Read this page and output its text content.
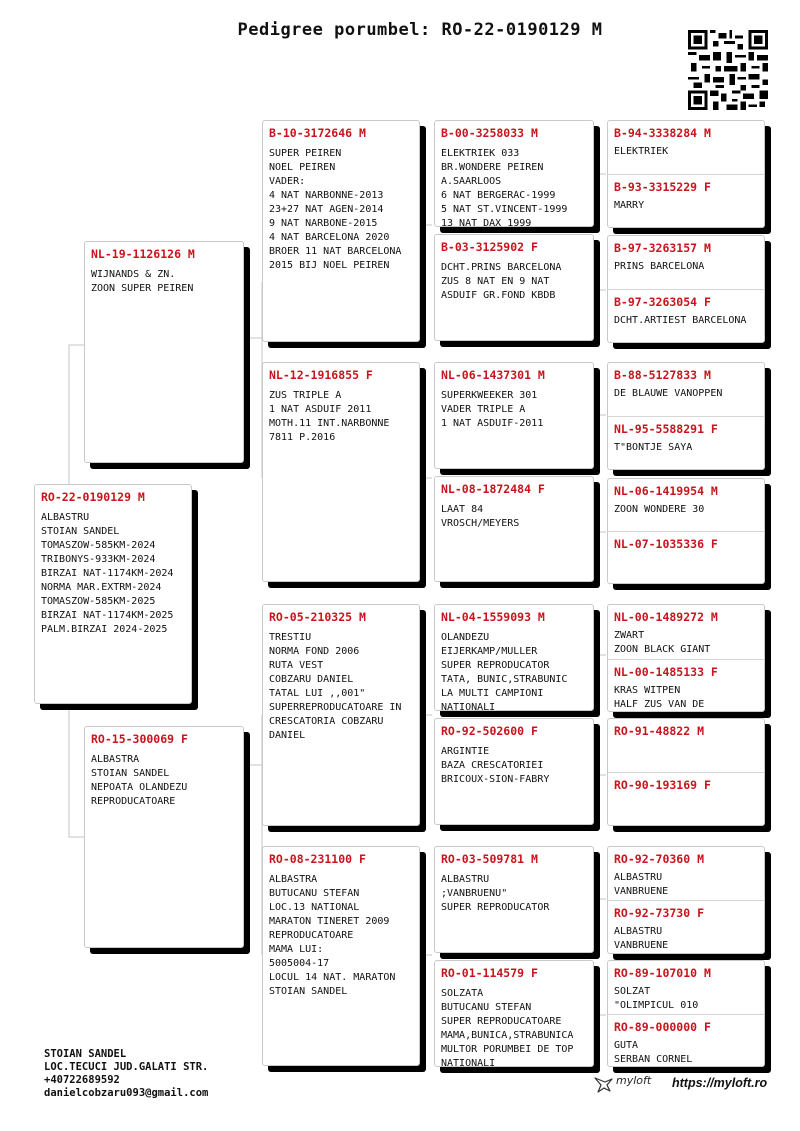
Pedigree porumbel: RO-22-0190129 M
RO-22-0190129 M
ALBASTRU
STOIAN SANDEL
TOMASZOW-585KM-2024
TRIBONYS-933KM-2024
BIRZAI NAT-1174KM-2024
NORMA MAR.EXTRM-2024
TOMASZOW-585KM-2025
BIRZAI NAT-1174KM-2025
PALM.BIRZAI 2024-2025
NL-19-1126126 M
WIJNANDS & ZN.
ZOON SUPER PEIREN
RO-15-300069 F
ALBASTRA
STOIAN SANDEL
NEPOATA OLANDEZU
REPRODUCATOARE
B-10-3172646 M
SUPER PEIREN
NOEL PEIREN
VADER:
4 NAT NARBONNE-2013
23+27 NAT AGEN-2014
9 NAT NARBONE-2015
4 NAT BARCELONA 2020
BROER 11 NAT BARCELONA
2015 BIJ NOEL PEIREN
NL-12-1916855 F
ZUS TRIPLE A
1 NAT ASDUIF 2011
MOTH.11 INT.NARBONNE
7811 P.2016
RO-05-210325 M
TRESTIU
NORMA FOND 2006
RUTA VEST
COBZARU DANIEL
TATAL LUI ,,001"
SUPERREPRODUCATOARE IN
CRESCATORIA COBZARU
DANIEL
RO-08-231100 F
ALBASTRA
BUTUCANU STEFAN
LOC.13 NATIONAL
MARATON TINERET 2009
REPRODUCATOARE
MAMA LUI:
5005004-17
LOCUL 14 NAT. MARATON
STOIAN SANDEL
B-00-3258033 M
ELEKTRIEK 033
BR.WONDERE PEIREN
A.SAARLOOS
6 NAT BERGERAC-1999
5 NAT ST.VINCENT-1999
13 NAT DAX 1999
B-03-3125902 F
DCHT.PRINS BARCELONA
ZUS 8 NAT EN 9 NAT
ASDUIF GR.FOND KBDB
NL-06-1437301 M
SUPERKWEEKER 301
VADER TRIPLE A
1 NAT ASDUIF-2011
NL-08-1872484 F
LAAT 84
VROSCH/MEYERS
NL-04-1559093 M
OLANDEZU
EIJERKAMP/MULLER
SUPER REPRODUCATOR
TATA, BUNIC,STRABUNIC
LA MULTI CAMPIONI
NATIONALI
RO-92-502600 F
ARGINTIE
BAZA CRESCATORIEI
BRICOUX-SION-FABRY
RO-03-509781 M
ALBASTRU
;VANBRUENU"
SUPER REPRODUCATOR
RO-01-114579 F
SOLZATA
BUTUCANU STEFAN
SUPER REPRODUCATOARE
MAMA,BUNICA,STRABUNICA
MULTOR PORUMBEI DE TOP
NATIONALI
B-94-3338284 M
ELEKTRIEK
B-93-3315229 F
MARRY
B-97-3263157 M
PRINS BARCELONA
B-97-3263054 F
DCHT.ARTIEST BARCELONA
B-88-5127833 M
DE BLAUWE VANOPPEN
NL-95-5588291 F
T"BONTJE SAYA
NL-06-1419954 M
ZOON WONDERE 30
NL-07-1035336 F
NL-00-1489272 M
ZWART
ZOON BLACK GIANT
NL-00-1485133 F
KRAS WITPEN
HALF ZUS VAN DE
RO-91-48822 M
RO-90-193169 F
RO-92-70360 M
ALBASTRU
VANBRUENE
RO-92-73730 F
ALBASTRU
VANBRUENE
RO-89-107010 M
SOLZAT
"OLIMPICUL 010
RO-89-000000 F
GUTA
SERBAN CORNEL
STOIAN SANDEL
LOC.TECUCI JUD.GALATI STR.
+40722689592
danielcobzaru093@gmail.com
myloft https://myloft.ro
